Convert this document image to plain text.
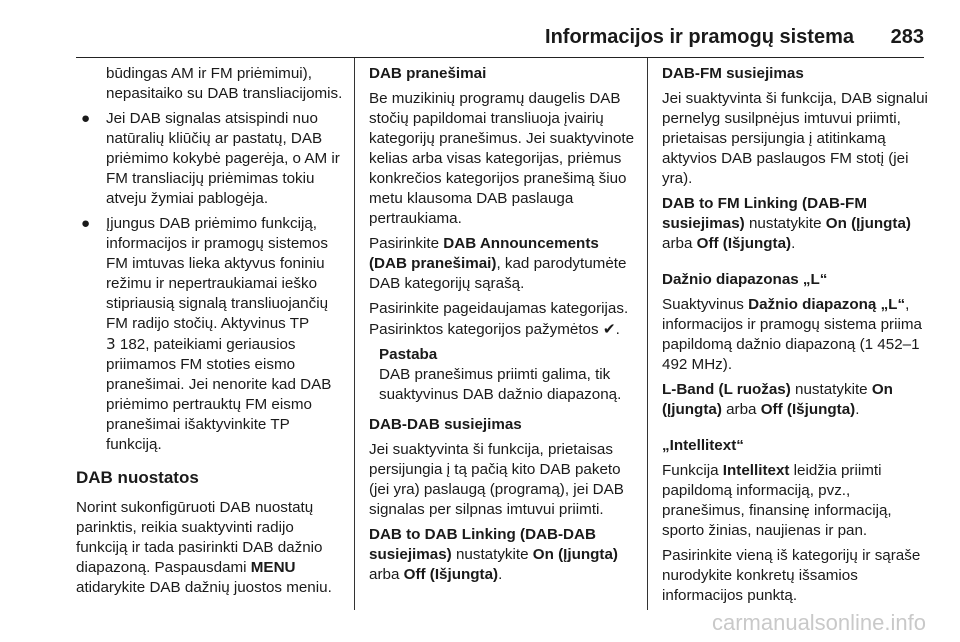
Informacijos ir pramogų sistema 283

būdingas AM ir FM priėmimui), nepasitaiko su DAB transliacijomis.

● Jei DAB signalas atsispindi nuo natūralių kliūčių ar pastatų, DAB priėmimo kokybė pagerėja, o AM ir FM transliacijų priėmimas tokiu atveju žymiai pablogėja.
● Įjungus DAB priėmimo funkciją, informacijos ir pramogų sistemos FM imtuvas lieka aktyvus foniniu režimu ir nepertraukiamai ieško stipriausią signalą transliuojančių FM radijo stočių. Aktyvinus TP
3 182, pateikiami geriausios priimamos FM stoties eismo pranešimai. Jei nenorite kad DAB priėmimo pertrauktų FM eismo pranešimai išaktyvinkite TP funkciją.
DAB nuostatos

Norint sukonfigūruoti DAB nuostatų parinktis, reikia suaktyvinti radijo funkciją ir tada pasirinkti DAB dažnio diapazoną. Paspausdami MENU atidarykite DAB dažnių juostos meniu.

DAB pranešimai

Be muzikinių programų daugelis DAB stočių papildomai transliuoja įvairių kategorijų pranešimus. Jei suaktyvinote kelias arba visas kategorijas, priėmus konkrečios kategorijos pranešimą šiuo metu klausoma DAB paslauga pertraukiama.

Pasirinkite DAB Announcements (DAB pranešimai), kad parodytumėte DAB kategorijų sąrašą.

Pasirinkite pageidaujamas kategorijas. Pasirinktos kategorijos pažymėtos ✔.

Pastaba

DAB pranešimus priimti galima, tik suaktyvinus DAB dažnio diapazoną.

DAB-DAB susiejimas

Jei suaktyvinta ši funkcija, prietaisas persijungia į tą pačią kito DAB paketo (jei yra) paslaugą (programą), jei DAB signalas per silpnas imtuvui priimti.

DAB to DAB Linking (DAB-DAB susiejimas) nustatykite On (Įjungta) arba Off (Išjungta).

DAB-FM susiejimas

Jei suaktyvinta ši funkcija, DAB signalui pernelyg susilpnėjus imtuvui priimti, prietaisas persijungia į atitinkamą aktyvios DAB paslaugos FM stotį (jei yra).

DAB to FM Linking (DAB-FM susiejimas) nustatykite On (Įjungta) arba Off (Išjungta).

Dažnio diapazonas „L“

Suaktyvinus Dažnio diapazoną „L“, informacijos ir pramogų sistema priima papildomą dažnio diapazoną (1 452–1 492 MHz).

L-Band (L ruožas) nustatykite On (Įjungta) arba Off (Išjungta).

„Intellitext“

Funkcija Intellitext leidžia priimti papildomą informaciją, pvz., pranešimus, finansinę informaciją, sporto žinias, naujienas ir pan.

Pasirinkite vieną iš kategorijų ir sąraše nurodykite konkretų išsamios informacijos punktą.

carmanualsonline.info
